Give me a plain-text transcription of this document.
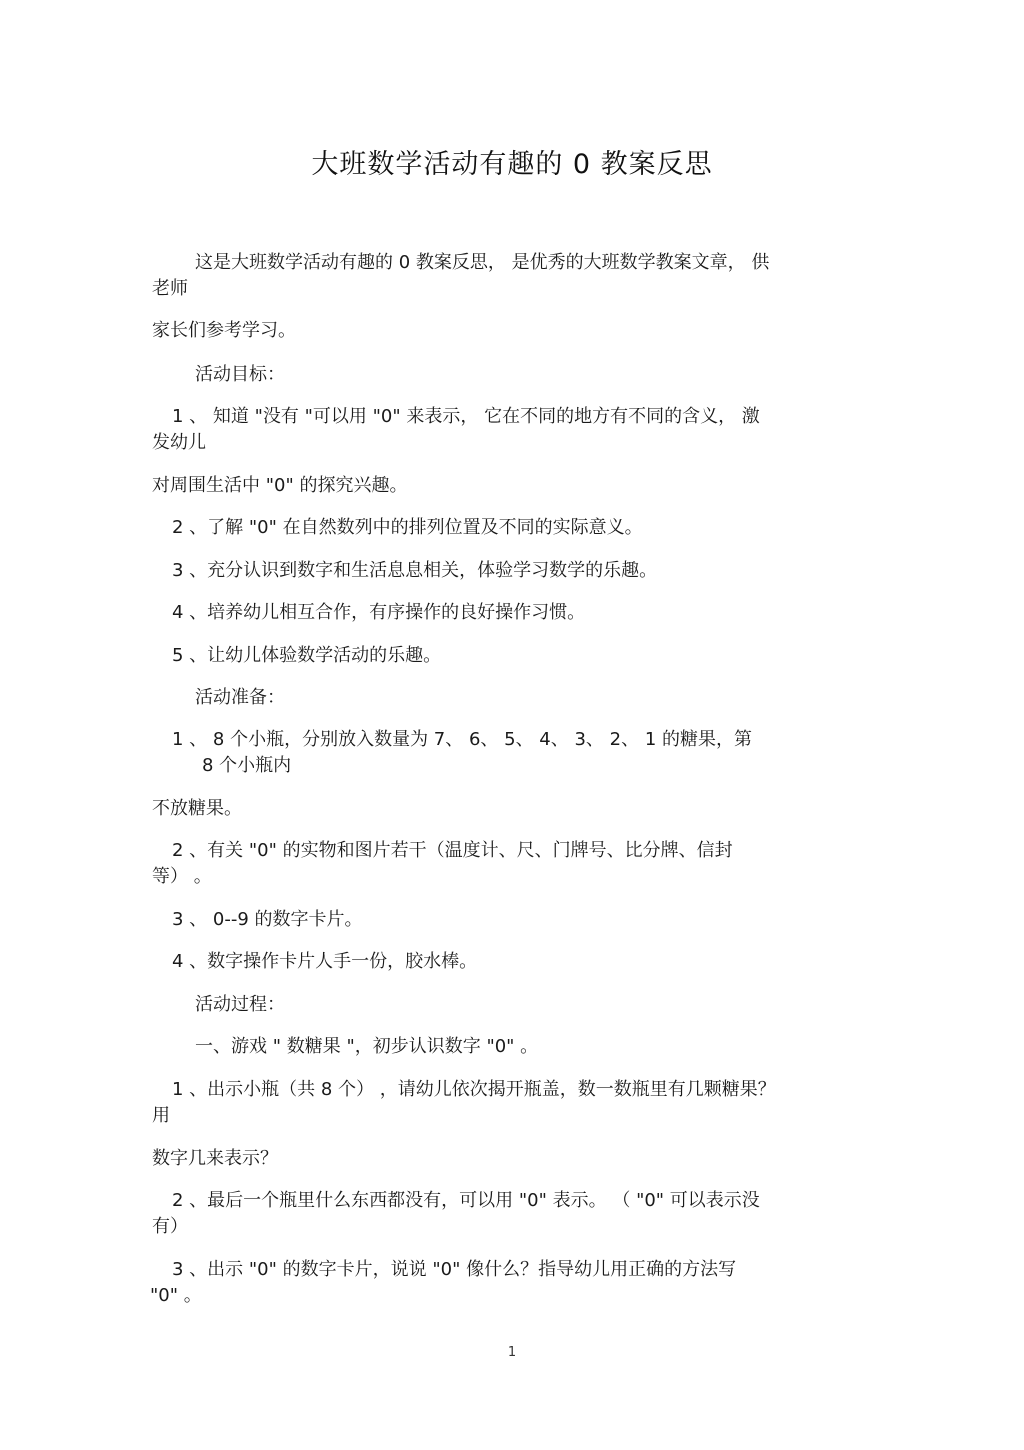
大班数学活动有趣的 0 教案反思
这是大班数学活动有趣的 0 教案反思， 是优秀的大班数学教案文章， 供
老师
家长们参考学习。
活动目标：
1 、 知道 "没有 "可以用 "0" 来表示， 它在不同的地方有不同的含义， 激
发幼儿
对周围生活中 "0" 的探究兴趣。
2 、了解 "0" 在自然数列中的排列位置及不同的实际意义。
3 、充分认识到数字和生活息息相关，体验学习数学的乐趣。
4 、培养幼儿相互合作，有序操作的良好操作习惯。
5 、让幼儿体验数学活动的乐趣。
活动准备：
1 、 8 个小瓶，分别放入数量为 7、 6、 5、 4、 3、 2、 1 的糖果，第
8 个小瓶内
不放糖果。
2 、有关 "0" 的实物和图片若干（温度计、尺、门牌号、比分牌、信封
等） 。
3 、 0--9 的数字卡片。
4 、数字操作卡片人手一份，胶水棒。
活动过程：
一、游戏 " 数糖果 "，初步认识数字 "0" 。
1 、出示小瓶（共 8 个） ，请幼儿依次揭开瓶盖，数一数瓶里有几颗糖果？
用
数字几来表示？
2 、最后一个瓶里什么东西都没有，可以用 "0" 表示。 （ "0" 可以表示没
有）
3 、出示 "0" 的数字卡片，说说 "0" 像什么？指导幼儿用正确的方法写
"0" 。
1
